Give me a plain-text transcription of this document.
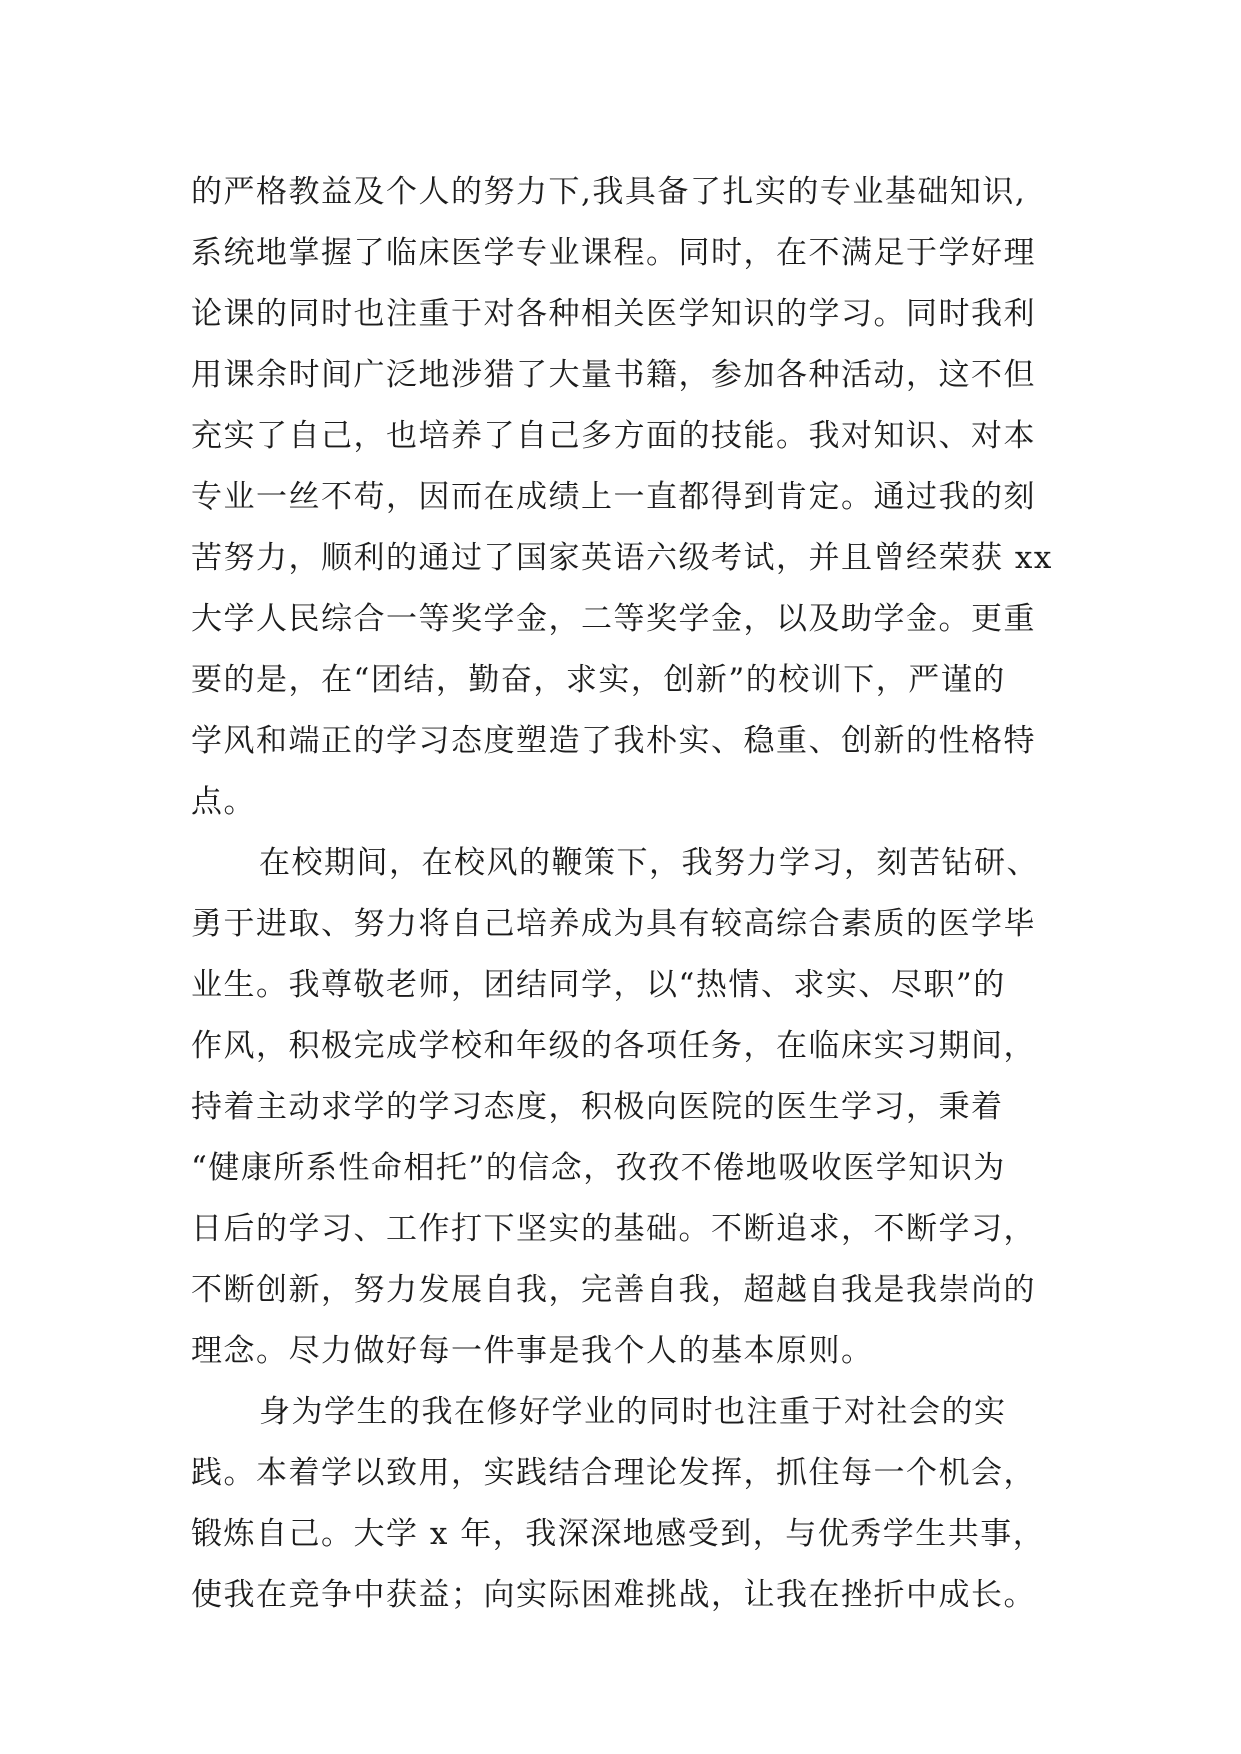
的严格教益及个人的努力下,我具备了扎实的专业基础知识,
系统地掌握了临床医学专业课程。同时，在不满足于学好理
论课的同时也注重于对各种相关医学知识的学习。同时我利
用课余时间广泛地涉猎了大量书籍，参加各种活动，这不但
充实了自己，也培养了自己多方面的技能。我对知识、对本
专业一丝不苟，因而在成绩上一直都得到肯定。通过我的刻
苦努力，顺利的通过了国家英语六级考试，并且曾经荣获 xx
大学人民综合一等奖学金，二等奖学金，以及助学金。更重
要的是，在“团结，勤奋，求实，创新”的校训下，严谨的
学风和端正的学习态度塑造了我朴实、稳重、创新的性格特
点。
在校期间，在校风的鞭策下，我努力学习，刻苦钻研、
勇于进取、努力将自己培养成为具有较高综合素质的医学毕
业生。我尊敬老师，团结同学，以“热情、求实、尽职”的
作风，积极完成学校和年级的各项任务，在临床实习期间，
持着主动求学的学习态度，积极向医院的医生学习，秉着
“健康所系性命相托”的信念，孜孜不倦地吸收医学知识为
日后的学习、工作打下坚实的基础。不断追求，不断学习，
不断创新，努力发展自我，完善自我，超越自我是我崇尚的
理念。尽力做好每一件事是我个人的基本原则。
身为学生的我在修好学业的同时也注重于对社会的实
践。本着学以致用，实践结合理论发挥，抓住每一个机会，
锻炼自己。大学 x 年，我深深地感受到，与优秀学生共事，
使我在竞争中获益；向实际困难挑战，让我在挫折中成长。
